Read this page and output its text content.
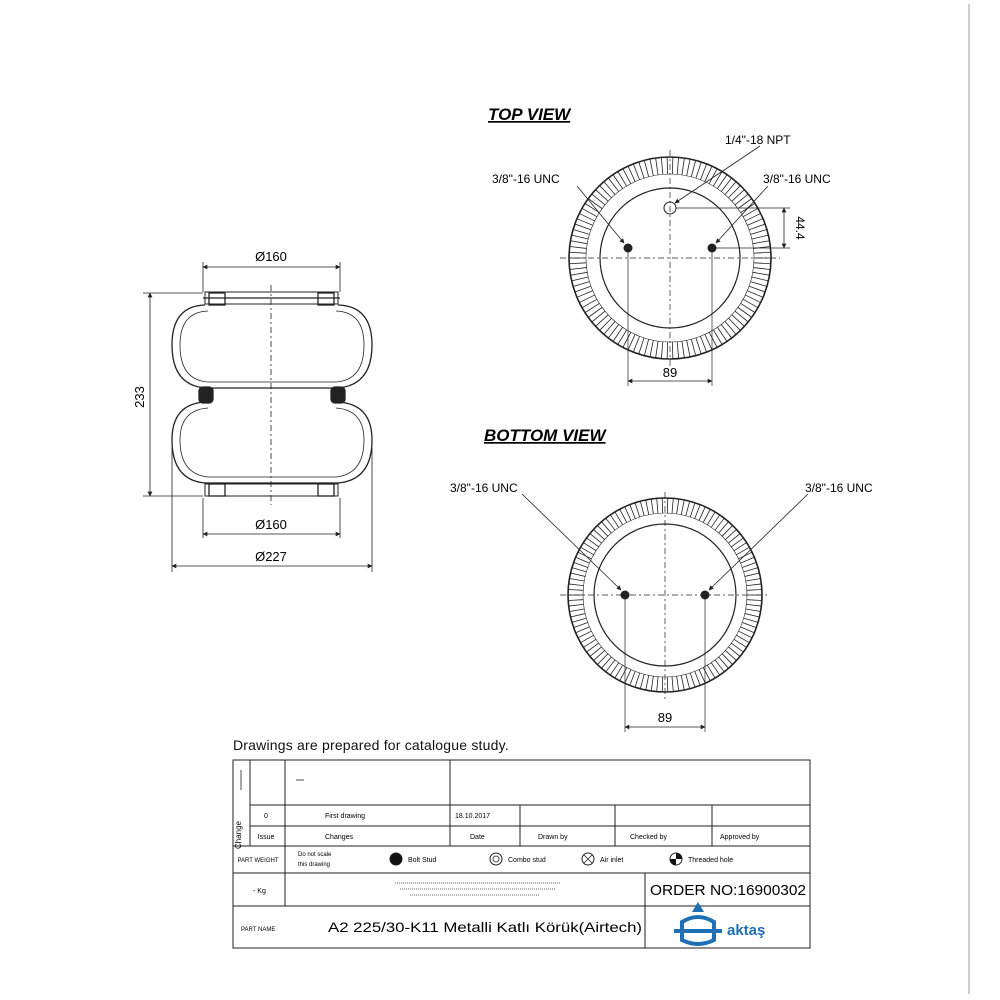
Ø160
Ø160
Ø227
233
TOP VIEW
1/4"-18 NPT
3/8"-16 UNC	3/8"-16 UNC
44.4
89
BOTTOM VIEW
3/8"-16 UNC	3/8"-16 UNC
89
Change
0	First drawing	18.10.2017
Issue	Changes	Date	Drawn by	Checked by	Approved by
PART WEIGHT
- Kg
Do not scale
this drawing
Bolt Stud	Combo stud	Air inlet	Threaded hole
ORDER NO:16900302
PART NAME	A2 225/30-K11 Metalli Katlı Körük(Airtech)	aktaş
Drawings are prepared for catalogue study.
